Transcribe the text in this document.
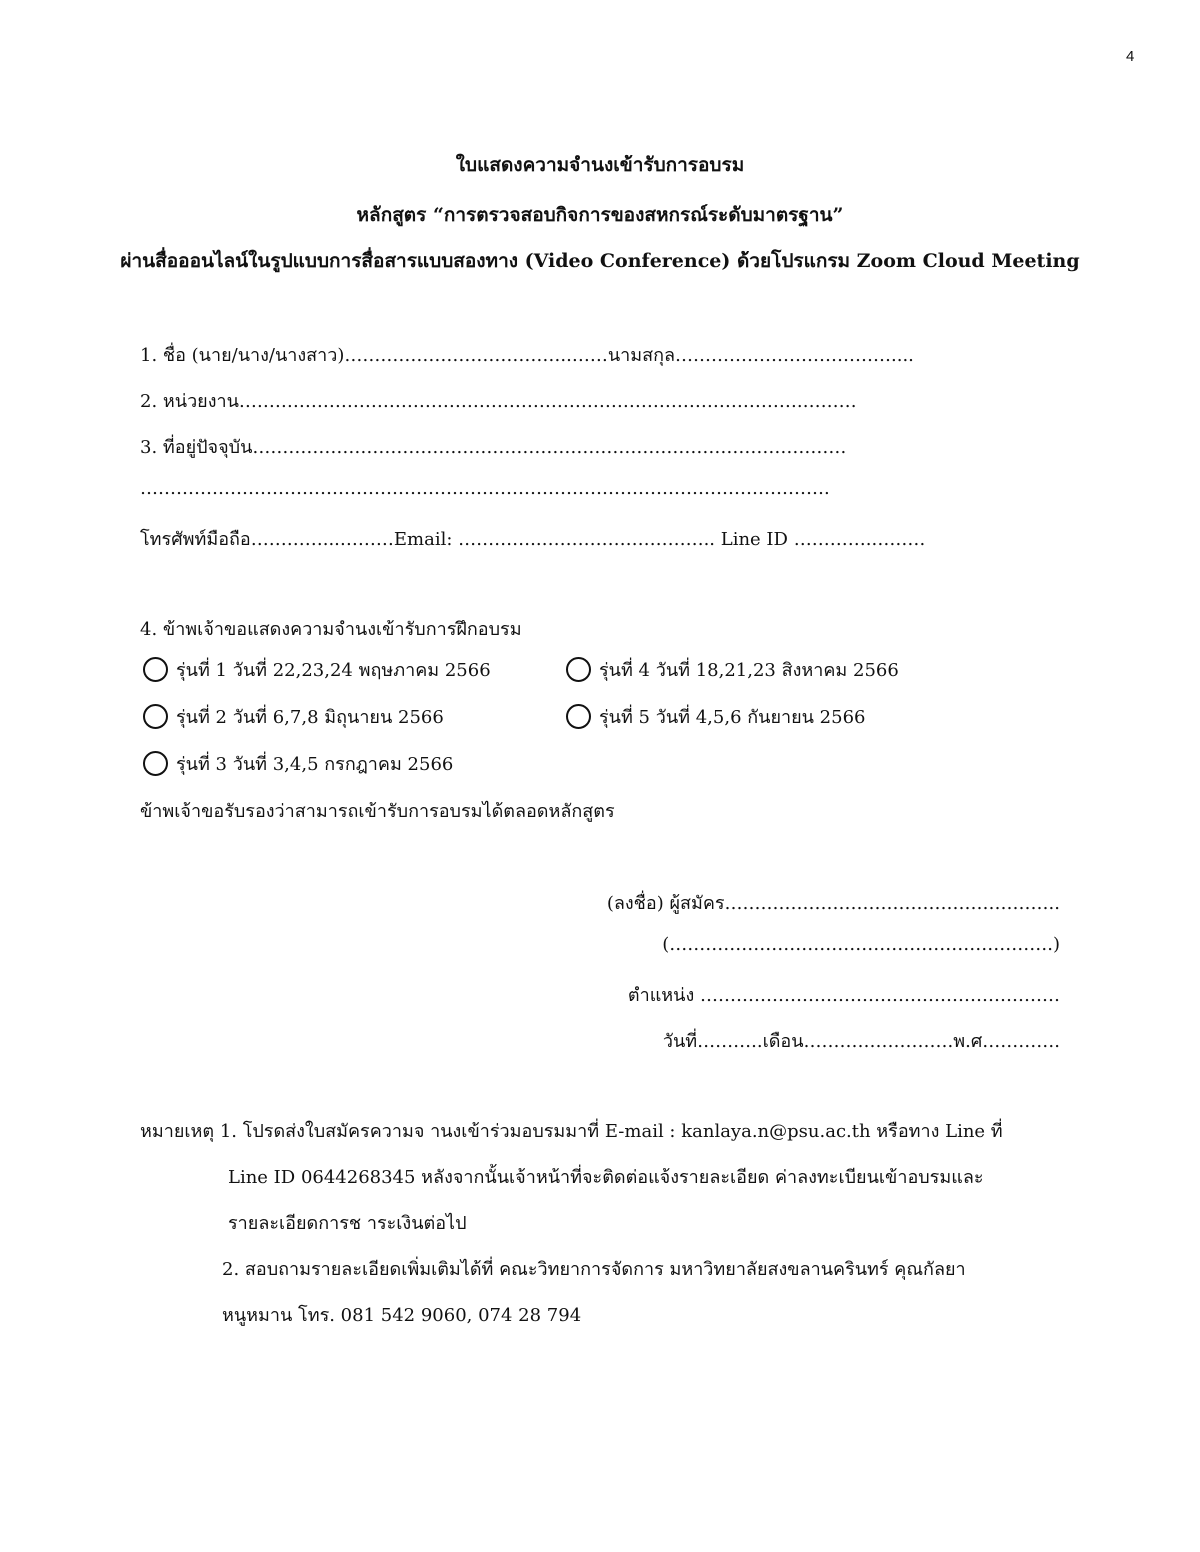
4
ใบแสดงความจำนงเข้ารับการอบรม
หลักสูตร “การตรวจสอบกิจการของสหกรณ์ระดับมาตรฐาน”
ผ่านสื่อออนไลน์ในรูปแบบการสื่อสารแบบสองทาง (Video Conference) ด้วยโปรแกรม Zoom Cloud Meeting
1. ชื่อ (นาย/นาง/นางสาว)………………………………..……นามสกุล………………………………....
2. หน่วยงาน………………………………………………………………………………….………
3. ที่อยู่ปัจจุบัน………………………………………………………………………………………
…………………………………………………………………………………………………….
โทรศัพท์มือถือ…………...………Email: …………..……………………….. Line ID ………….………
4. ข้าพเจ้าขอแสดงความจำนงเข้ารับการฝึกอบรม
รุ่นที่ 1 วันที่ 22,23,24 พฤษภาคม 2566
รุ่นที่ 2 วันที่ 6,7,8 มิถุนายน 2566
รุ่นที่ 3 วันที่ 3,4,5 กรกฎาคม 2566
รุ่นที่ 4 วันที่ 18,21,23 สิงหาคม 2566
รุ่นที่ 5 วันที่ 4,5,6 กันยายน 2566
ข้าพเจ้าขอรับรองว่าสามารถเข้ารับการอบรมได้ตลอดหลักสูตร
(ลงชื่อ) ผู้สมัคร………………………………………………..
(……………………………………………………….)
ตำแหน่ง ……………………………………………………
วันที่………..เดือน…………………….พ.ศ………….
หมายเหตุ 1. โปรดส่งใบสมัครความจ านงเข้าร่วมอบรมมาที่ E-mail : kanlaya.n@psu.ac.th หรือทาง Line ที่
Line ID 0644268345 หลังจากนั้นเจ้าหน้าที่จะติดต่อแจ้งรายละเอียด ค่าลงทะเบียนเข้าอบรมและ
รายละเอียดการช าระเงินต่อไป
2. สอบถามรายละเอียดเพิ่มเติมได้ที่ คณะวิทยาการจัดการ มหาวิทยาลัยสงขลานครินทร์ คุณกัลยา
หนูหมาน โทร. 081 542 9060, 074 28 794
